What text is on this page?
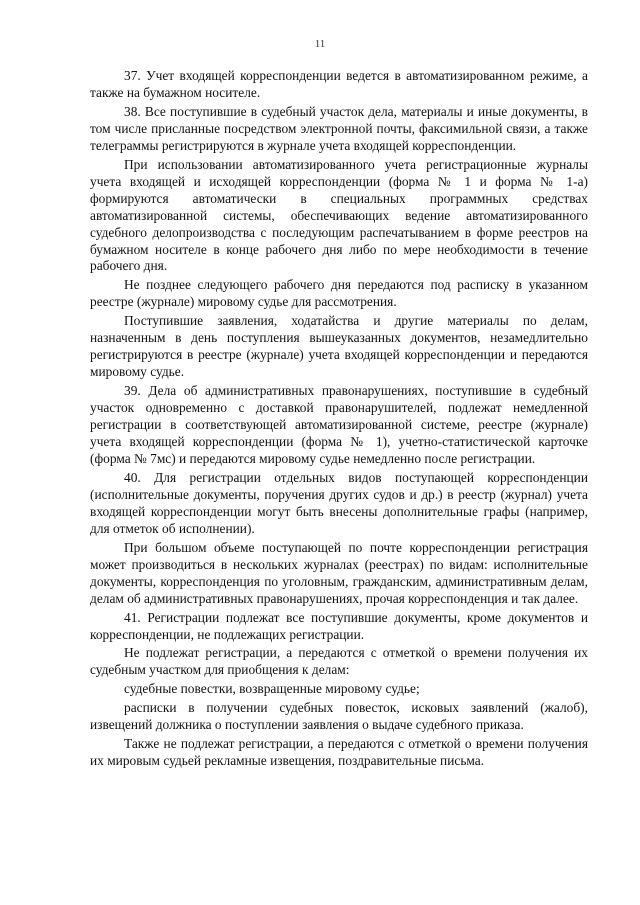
11

37. Учет входящей корреспонденции ведется в автоматизированном режиме, а также на бумажном носителе.

38. Все поступившие в судебный участок дела, материалы и иные документы, в том числе присланные посредством электронной почты, факсимильной связи, а также телеграммы регистрируются в журнале учета входящей корреспонденции.

При использовании автоматизированного учета регистрационные журналы учета входящей и исходящей корреспонденции (форма № 1 и форма № 1-а) формируются автоматически в специальных программных средствах автоматизированной системы, обеспечивающих ведение автоматизированного судебного делопроизводства с последующим распечатыванием в форме реестров на бумажном носителе в конце рабочего дня либо по мере необходимости в течение рабочего дня.

Не позднее следующего рабочего дня передаются под расписку в указанном реестре (журнале) мировому судье для рассмотрения.

Поступившие заявления, ходатайства и другие материалы по делам, назначенным в день поступления вышеуказанных документов, незамедлительно регистрируются в реестре (журнале) учета входящей корреспонденции и передаются мировому судье.

39. Дела об административных правонарушениях, поступившие в судебный участок одновременно с доставкой правонарушителей, подлежат немедленной регистрации в соответствующей автоматизированной системе, реестре (журнале) учета входящей корреспонденции (форма № 1), учетно-статистической карточке (форма № 7мс) и передаются мировому судье немедленно после регистрации.

40. Для регистрации отдельных видов поступающей корреспонденции (исполнительные документы, поручения других судов и др.) в реестр (журнал) учета входящей корреспонденции могут быть внесены дополнительные графы (например, для отметок об исполнении).

При большом объеме поступающей по почте корреспонденции регистрация может производиться в нескольких журналах (реестрах) по видам: исполнительные документы, корреспонденция по уголовным, гражданским, административным делам, делам об административных правонарушениях, прочая корреспонденция и так далее.

41. Регистрации подлежат все поступившие документы, кроме документов и корреспонденции, не подлежащих регистрации.

Не подлежат регистрации, а передаются с отметкой о времени получения их судебным участком для приобщения к делам:

судебные повестки, возвращенные мировому судье;

расписки в получении судебных повесток, исковых заявлений (жалоб), извещений должника о поступлении заявления о выдаче судебного приказа.

Также не подлежат регистрации, а передаются с отметкой о времени получения их мировым судьей рекламные извещения, поздравительные письма.
